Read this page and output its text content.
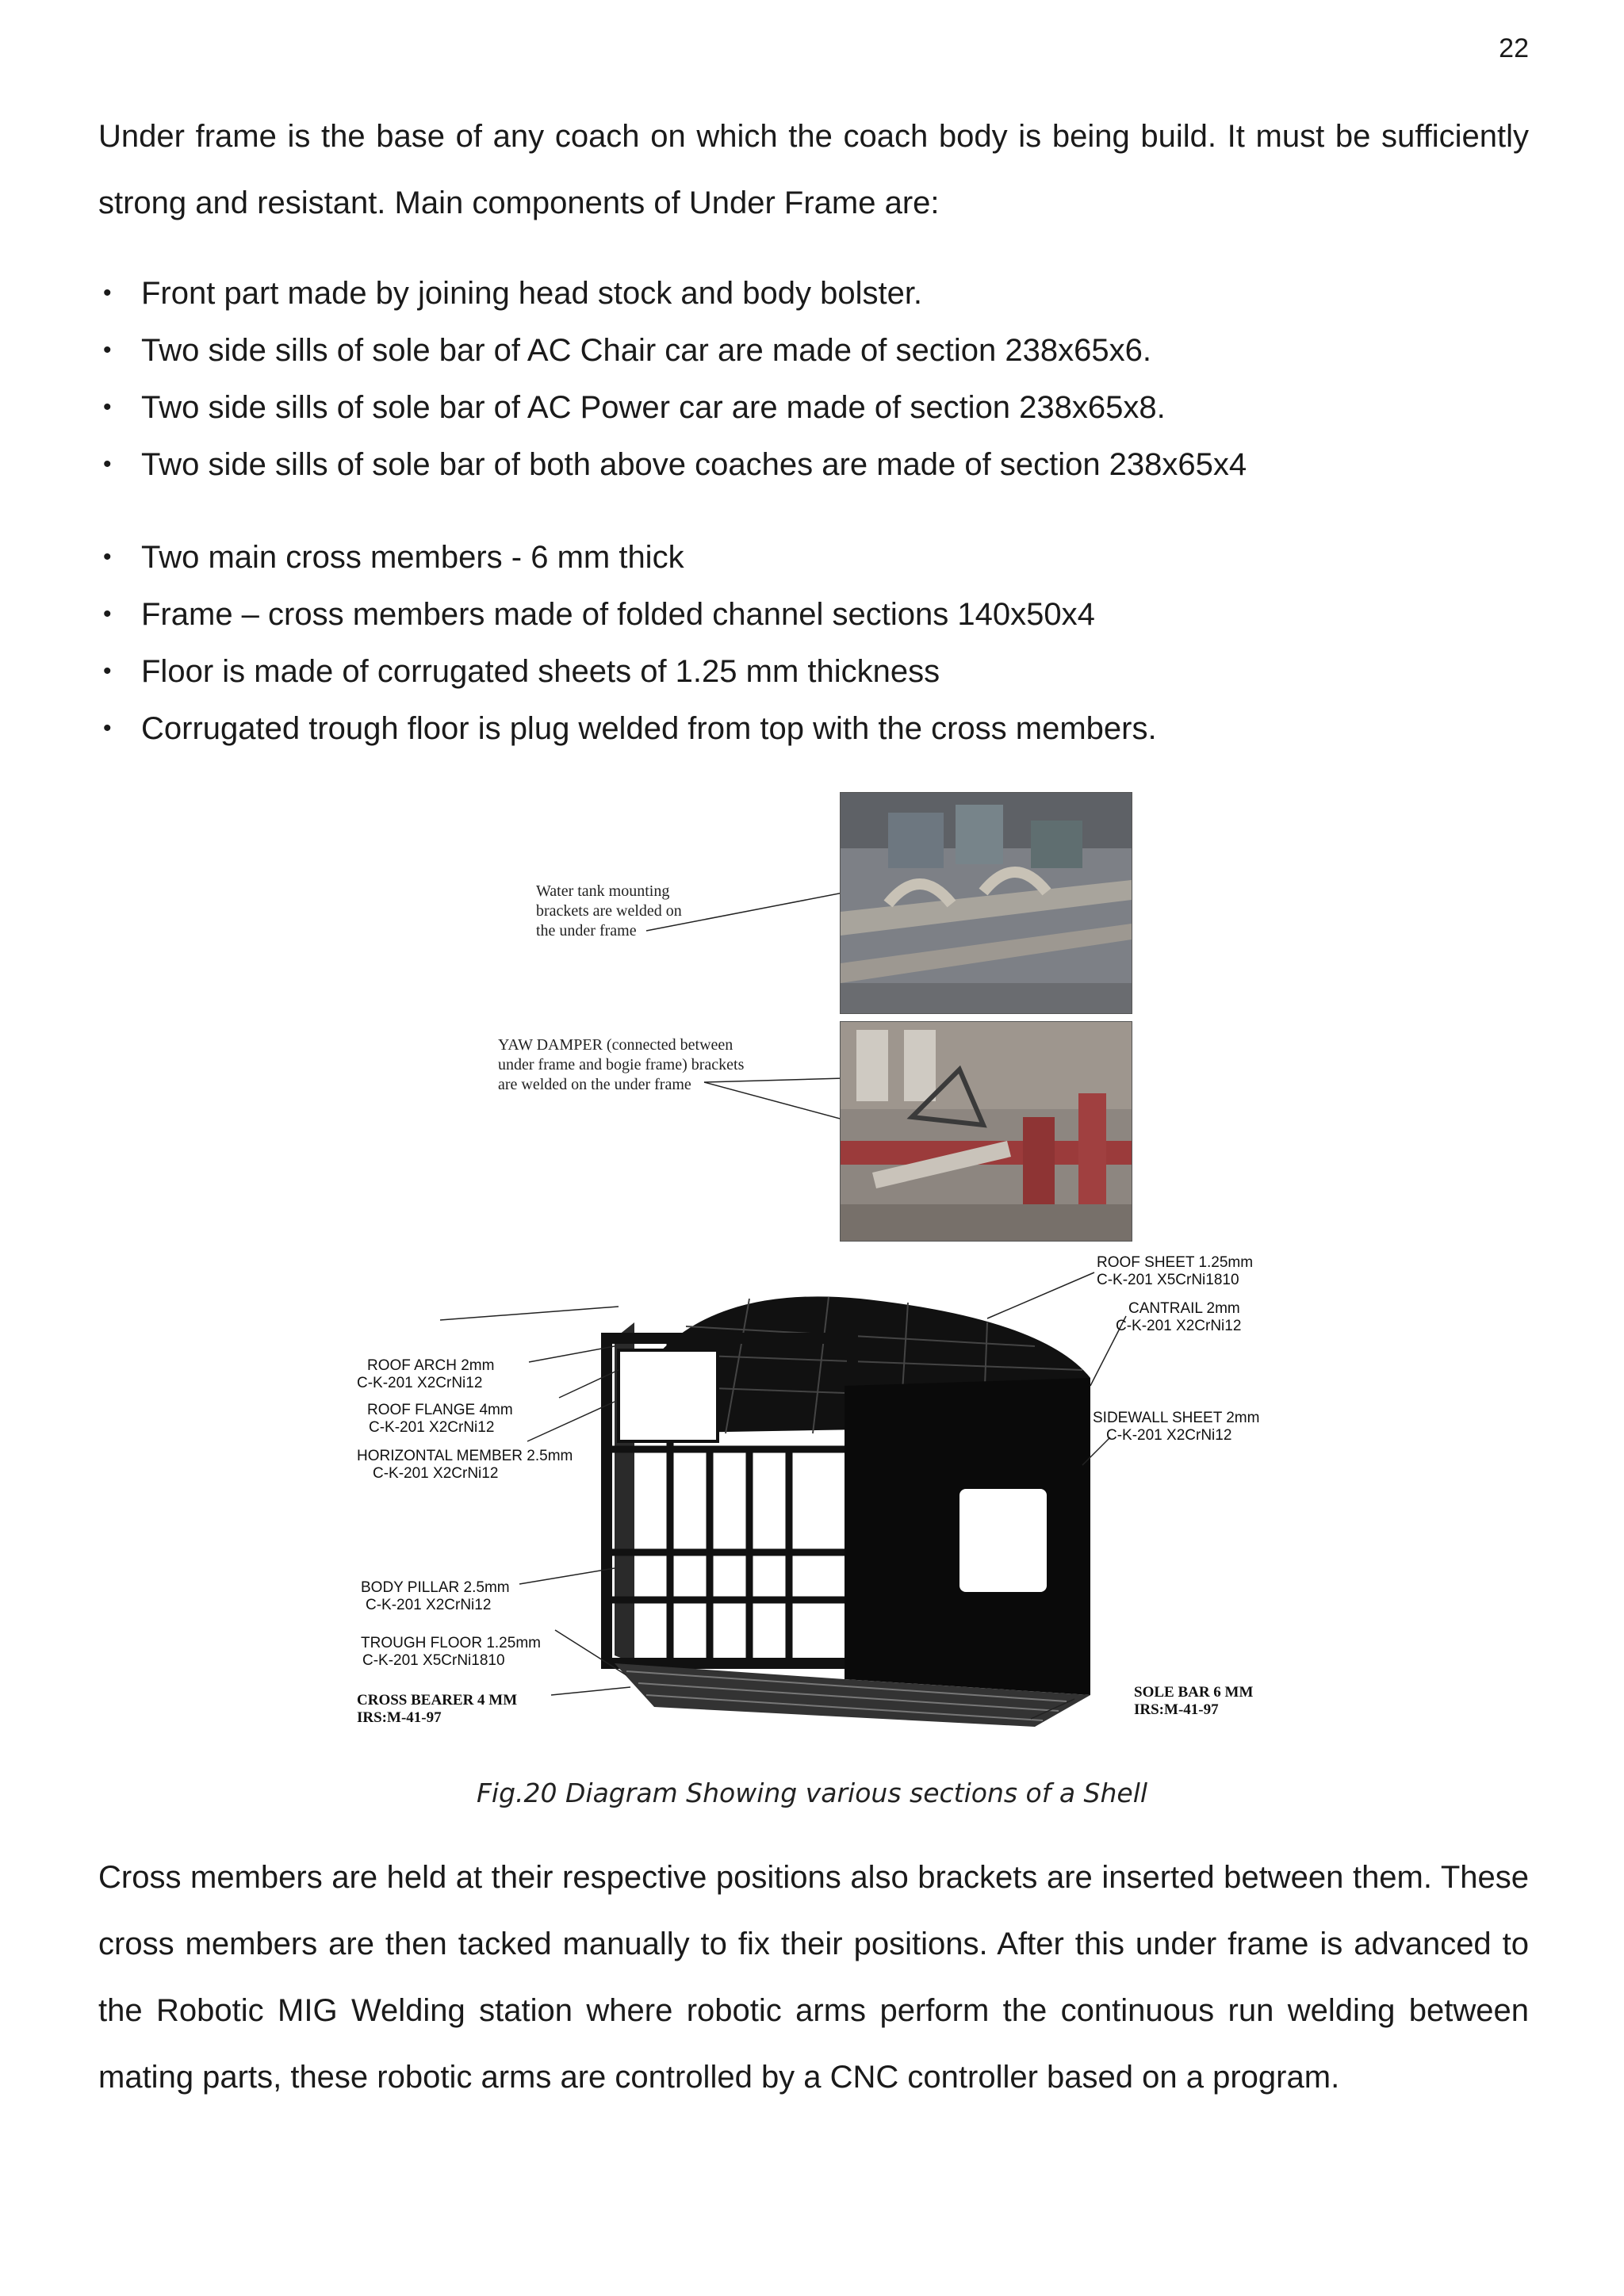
22

Under frame is the base of any coach on which the coach body is being build. It must be sufficiently strong and resistant. Main components of Under Frame are:

• Front part made by joining head stock and body bolster.
• Two side sills of sole bar of AC Chair car are made of section 238x65x6.
• Two side sills of sole bar of AC Power car are made of section 238x65x8.
• Two side sills of sole bar of both above coaches are made of section 238x65x4
• Two main cross members - 6 mm thick
• Frame – cross members made of folded channel sections 140x50x4
• Floor is made of corrugated sheets of 1.25 mm thickness
• Corrugated trough floor is plug welded from top with the cross members.
Water tank mounting
brackets are welded on
the under frame
YAW DAMPER (connected between
under frame and bogie frame) brackets
are welded on the under frame
ROOF SHEET 1.25mm
C-K-201 X5CrNi1810
CANTRAIL 2mm
C-K-201 X2CrNi12
SIDEWALL SHEET 2mm
C-K-201 X2CrNi12
SOLE BAR 6 MM
IRS:M-41-97
ROOF ARCH 2mm
C-K-201 X2CrNi12
ROOF FLANGE 4mm
C-K-201 X2CrNi12
HORIZONTAL MEMBER 2.5mm
C-K-201 X2CrNi12
BODY PILLAR 2.5mm
C-K-201 X2CrNi12
TROUGH FLOOR 1.25mm
C-K-201 X5CrNi1810
CROSS BEARER 4 MM
IRS:M-41-97
Fig.20 Diagram Showing various sections of a Shell

Cross members are held at their respective positions also brackets are inserted between them. These cross members are then tacked manually to fix their positions. After this under frame is advanced to the Robotic MIG Welding station where robotic arms perform the continuous run welding between mating parts, these robotic arms are controlled by a CNC controller based on a program.
